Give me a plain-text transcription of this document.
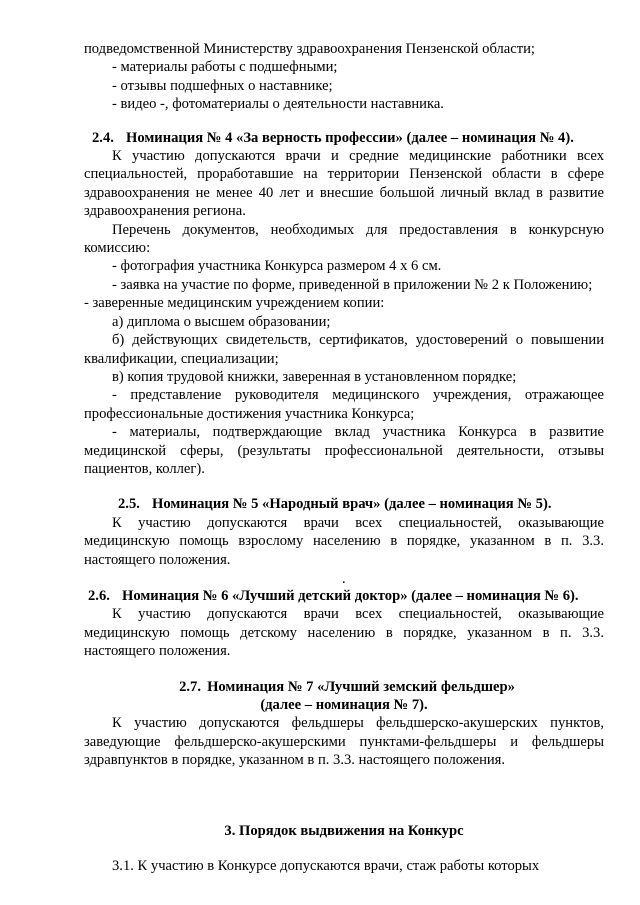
подведомственной Министерству здравоохранения Пензенской области;

- материалы работы с подшефными;

- отзывы подшефных о наставнике;

- видео -, фотоматериалы о деятельности наставника.

2.4. Номинация № 4 «За верность профессии» (далее – номинация № 4).

К участию допускаются врачи и средние медицинские работники всех специальностей, проработавшие на территории Пензенской области в сфере здравоохранения не менее 40 лет и внесшие большой личный вклад в развитие здравоохранения региона.

Перечень документов, необходимых для предоставления в конкурсную комиссию:

- фотография участника Конкурса размером 4 х 6 см.

- заявка на участие по форме, приведенной в приложении № 2 к Положению;

- заверенные медицинским учреждением копии:

а) диплома о высшем образовании;

б) действующих свидетельств, сертификатов, удостоверений о повышении квалификации, специализации;

в) копия трудовой книжки, заверенная в установленном порядке;

- представление руководителя медицинского учреждения, отражающее профессиональные достижения участника Конкурса;

- материалы, подтверждающие вклад участника Конкурса в развитие медицинской сферы, (результаты профессиональной деятельности, отзывы пациентов, коллег).

2.5. Номинация № 5 «Народный врач» (далее – номинация № 5).

К участию допускаются врачи всех специальностей, оказывающие медицинскую помощь взрослому населению в порядке, указанном в п. 3.3. настоящего положения.

.
2.6. Номинация № 6 «Лучший детский доктор» (далее – номинация № 6).

К участию допускаются врачи всех специальностей, оказывающие медицинскую помощь детскому населению в порядке, указанном в п. 3.3. настоящего положения.

2.7. Номинация № 7 «Лучший земский фельдшер»
(далее – номинация № 7).

К участию допускаются фельдшеры фельдшерско-акушерских пунктов, заведующие фельдшерско-акушерскими пунктами-фельдшеры и фельдшеры здравпунктов в порядке, указанном в п. 3.3. настоящего положения.

3. Порядок выдвижения на Конкурс

3.1. К участию в Конкурсе допускаются врачи, стаж работы которых
